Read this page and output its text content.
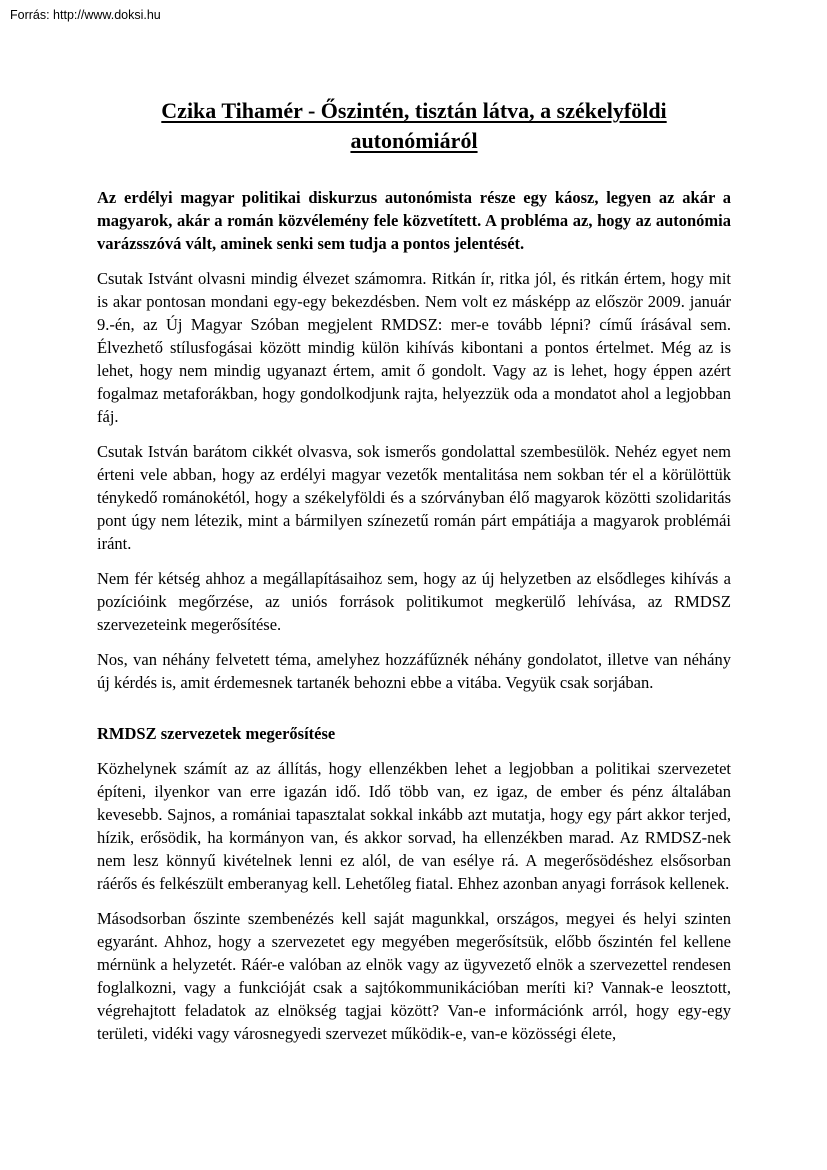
Forrás: http://www.doksi.hu
Czika Tihamér - Őszintén, tisztán látva, a székelyföldi autonómiáról

Az erdélyi magyar politikai diskurzus autonómista része egy káosz, legyen az akár a magyarok, akár a román közvélemény fele közvetített. A probléma az, hogy az autonómia varázsszóvá vált, aminek senki sem tudja a pontos jelentését.

Csutak Istvánt olvasni mindig élvezet számomra. Ritkán ír, ritka jól, és ritkán értem, hogy mit is akar pontosan mondani egy-egy bekezdésben. Nem volt ez másképp az először 2009. január 9.-én, az Új Magyar Szóban megjelent RMDSZ: mer-e tovább lépni? című írásával sem. Élvezhető stílusfogásai között mindig külön kihívás kibontani a pontos értelmet. Még az is lehet, hogy nem mindig ugyanazt értem, amit ő gondolt. Vagy az is lehet, hogy éppen azért fogalmaz metaforákban, hogy gondolkodjunk rajta, helyezzük oda a mondatot ahol a legjobban fáj.

Csutak István barátom cikkét olvasva, sok ismerős gondolattal szembesülök. Nehéz egyet nem érteni vele abban, hogy az erdélyi magyar vezetők mentalitása nem sokban tér el a körülöttük ténykedő románokétól, hogy a székelyföldi és a szórványban élő magyarok közötti szolidaritás pont úgy nem létezik, mint a bármilyen színezetű román párt empátiája a magyarok problémái iránt.

Nem fér kétség ahhoz a megállapításaihoz sem, hogy az új helyzetben az elsődleges kihívás a pozícióink megőrzése, az uniós források politikumot megkerülő lehívása, az RMDSZ szervezeteink megerősítése.

Nos, van néhány felvetett téma, amelyhez hozzáfűznék néhány gondolatot, illetve van néhány új kérdés is, amit érdemesnek tartanék behozni ebbe a vitába. Vegyük csak sorjában.

RMDSZ szervezetek megerősítése

Közhelynek számít az az állítás, hogy ellenzékben lehet a legjobban a politikai szervezetet építeni, ilyenkor van erre igazán idő. Idő több van, ez igaz, de ember és pénz általában kevesebb. Sajnos, a romániai tapasztalat sokkal inkább azt mutatja, hogy egy párt akkor terjed, hízik, erősödik, ha kormányon van, és akkor sorvad, ha ellenzékben marad. Az RMDSZ-nek nem lesz könnyű kivételnek lenni ez alól, de van esélye rá. A megerősödéshez elsősorban ráérős és felkészült emberanyag kell. Lehetőleg fiatal. Ehhez azonban anyagi források kellenek.

Másodsorban őszinte szembenézés kell saját magunkkal, országos, megyei és helyi szinten egyaránt. Ahhoz, hogy a szervezetet egy megyében megerősítsük, előbb őszintén fel kellene mérnünk a helyzetét. Ráér-e valóban az elnök vagy az ügyvezető elnök a szervezettel rendesen foglalkozni, vagy a funkcióját csak a sajtókommunikációban meríti ki? Vannak-e leosztott, végrehajtott feladatok az elnökség tagjai között? Van-e információnk arról, hogy egy-egy területi, vidéki vagy városnegyedi szervezet működik-e, van-e közösségi élete,
